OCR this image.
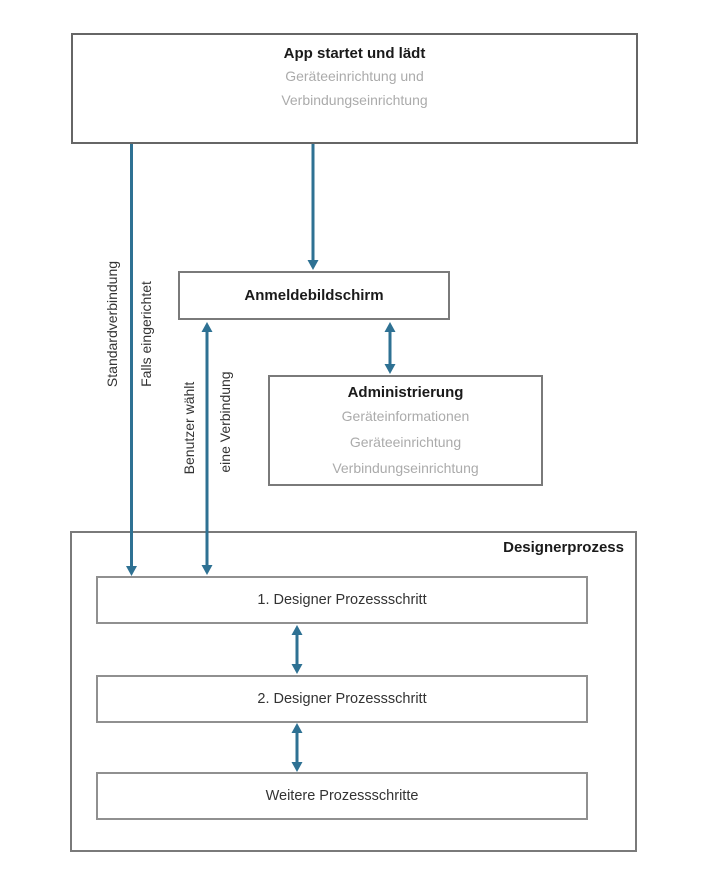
App startet und lädt
Geräteeinrichtung und
Verbindungseinrichtung
Anmeldebildschirm
Administrierung
Geräteinformationen
Geräteeinrichtung
Verbindungseinrichtung
Designerprozess
1. Designer Prozessschritt
2. Designer Prozessschritt
Weitere Prozessschritte
Standardverbindung Falls eingerichtet
Benutzer wählt eine Verbindung
